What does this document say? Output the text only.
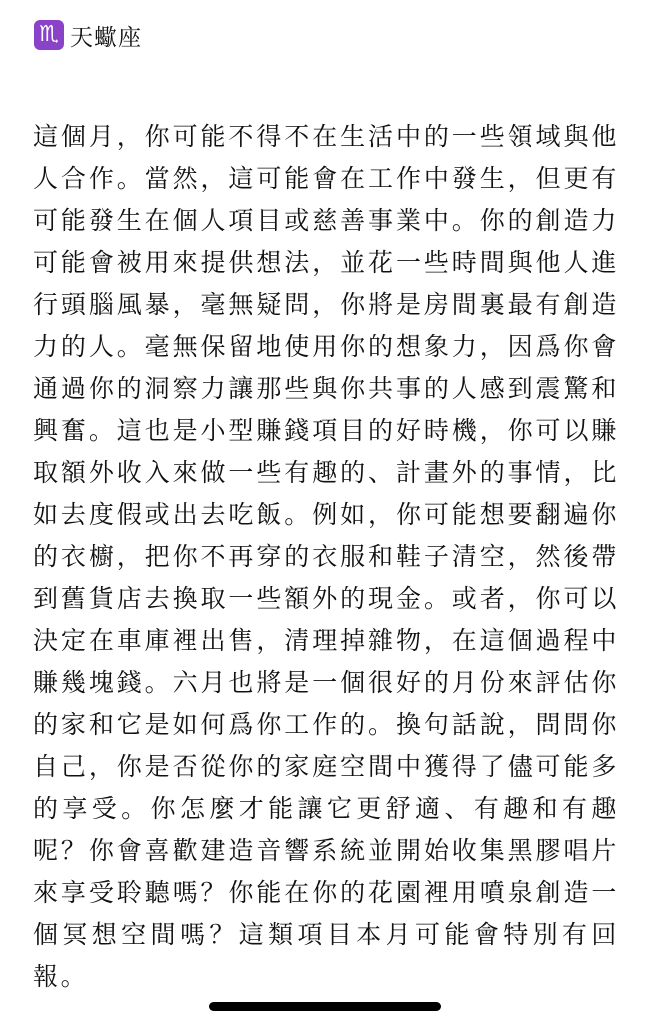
♏ 天蠍座

這個月，你可能不得不在生活中的一些領域與他人合作。當然，這可能會在工作中發生，但更有可能發生在個人項目或慈善事業中。你的創造力可能會被用來提供想法，並花一些時間與他人進行頭腦風暴，毫無疑問，你將是房間裏最有創造力的人。毫無保留地使用你的想象力，因爲你會通過你的洞察力讓那些與你共事的人感到震驚和興奮。這也是小型賺錢項目的好時機，你可以賺取額外收入來做一些有趣的、計畫外的事情，比如去度假或出去吃飯。例如，你可能想要翻遍你的衣櫥，把你不再穿的衣服和鞋子清空，然後帶到舊貨店去換取一些額外的現金。或者，你可以決定在車庫裡出售，清理掉雜物，在這個過程中賺幾塊錢。六月也將是一個很好的月份來評估你的家和它是如何爲你工作的。換句話說，問問你自己，你是否從你的家庭空間中獲得了儘可能多的享受。你怎麼才能讓它更舒適、有趣和有趣呢？你會喜歡建造音響系統並開始收集黑膠唱片來享受聆聽嗎？你能在你的花園裡用噴泉創造一個冥想空間嗎？這類項目本月可能會特別有回報。
